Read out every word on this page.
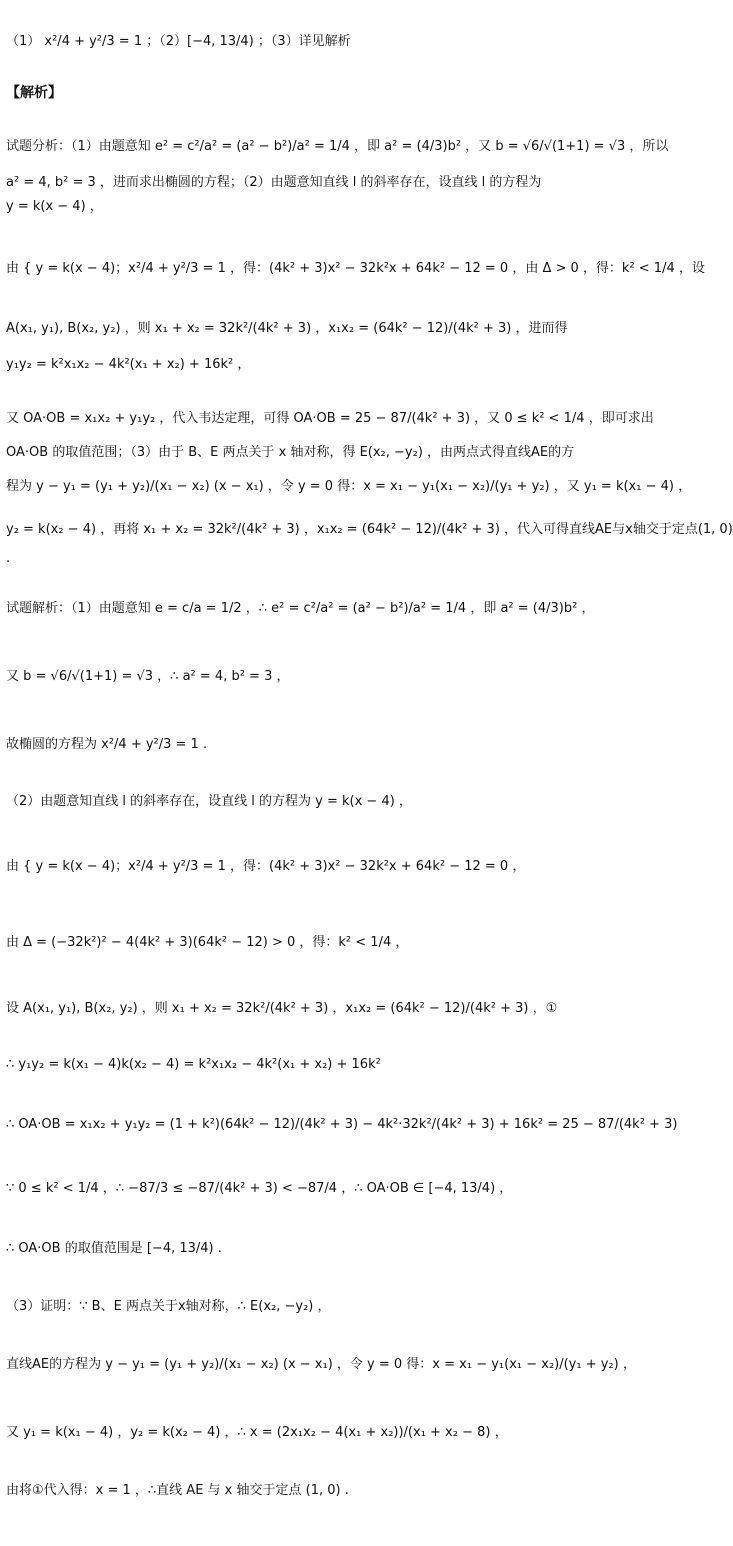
（1） x²/4 + y²/3 = 1 ；（2）[−4, 13/4) ；（3）详见解析
【解析】
试题分析：（1）由题意知 e² = c²/a² = (a² − b²)/a² = 1/4 ，即 a² = (4/3)b² ，又 b = √6/√(1+1) = √3 ，所以
a² = 4, b² = 3 ，进而求出椭圆的方程；（2）由题意知直线 l 的斜率存在，设直线 l 的方程为
y = k(x − 4) ，
由 { y = k(x − 4)；x²/4 + y²/3 = 1 ，得：(4k² + 3)x² − 32k²x + 64k² − 12 = 0 ，由 Δ > 0 ，得：k² < 1/4 ，设
A(x₁, y₁), B(x₂, y₂) ，则 x₁ + x₂ = 32k²/(4k² + 3) ，x₁x₂ = (64k² − 12)/(4k² + 3) ，进而得
y₁y₂ = k²x₁x₂ − 4k²(x₁ + x₂) + 16k² ，
又 OA·OB = x₁x₂ + y₁y₂ ，代入韦达定理，可得 OA·OB = 25 − 87/(4k² + 3) ，又 0 ≤ k² < 1/4 ，即可求出
OA·OB 的取值范围；（3）由于 B、E 两点关于 x 轴对称，得 E(x₂, −y₂) ，由两点式得直线AE的方
程为 y − y₁ = (y₁ + y₂)/(x₁ − x₂) (x − x₁) ，令 y = 0 得：x = x₁ − y₁(x₁ − x₂)/(y₁ + y₂) ，又 y₁ = k(x₁ − 4) ，
y₂ = k(x₂ − 4) ，再将 x₁ + x₂ = 32k²/(4k² + 3) ，x₁x₂ = (64k² − 12)/(4k² + 3) ，代入可得直线AE与x轴交于定点(1, 0)
.
试题解析：（1）由题意知 e = c/a = 1/2 ，∴ e² = c²/a² = (a² − b²)/a² = 1/4 ，即 a² = (4/3)b² ，
又 b = √6/√(1+1) = √3 ，∴ a² = 4, b² = 3 ，
故椭圆的方程为 x²/4 + y²/3 = 1 .
（2）由题意知直线 l 的斜率存在，设直线 l 的方程为 y = k(x − 4) ，
由 { y = k(x − 4)；x²/4 + y²/3 = 1 ，得：(4k² + 3)x² − 32k²x + 64k² − 12 = 0 ，
由 Δ = (−32k²)² − 4(4k² + 3)(64k² − 12) > 0 ，得：k² < 1/4 ，
设 A(x₁, y₁), B(x₂, y₂) ，则 x₁ + x₂ = 32k²/(4k² + 3) ，x₁x₂ = (64k² − 12)/(4k² + 3) ，①
∴ y₁y₂ = k(x₁ − 4)k(x₂ − 4) = k²x₁x₂ − 4k²(x₁ + x₂) + 16k²
∴ OA·OB = x₁x₂ + y₁y₂ = (1 + k²)(64k² − 12)/(4k² + 3) − 4k²·32k²/(4k² + 3) + 16k² = 25 − 87/(4k² + 3)
∵ 0 ≤ k² < 1/4 ，∴ −87/3 ≤ −87/(4k² + 3) < −87/4 ，∴ OA·OB ∈ [−4, 13/4) ，
∴ OA·OB 的取值范围是 [−4, 13/4) .
（3）证明：∵ B、E 两点关于x轴对称，∴ E(x₂, −y₂) ，
直线AE的方程为 y − y₁ = (y₁ + y₂)/(x₁ − x₂) (x − x₁) ，令 y = 0 得：x = x₁ − y₁(x₁ − x₂)/(y₁ + y₂) ，
又 y₁ = k(x₁ − 4) ，y₂ = k(x₂ − 4) ，∴ x = (2x₁x₂ − 4(x₁ + x₂))/(x₁ + x₂ − 8) ，
由将①代入得：x = 1 ，∴直线 AE 与 x 轴交于定点 (1, 0) .
